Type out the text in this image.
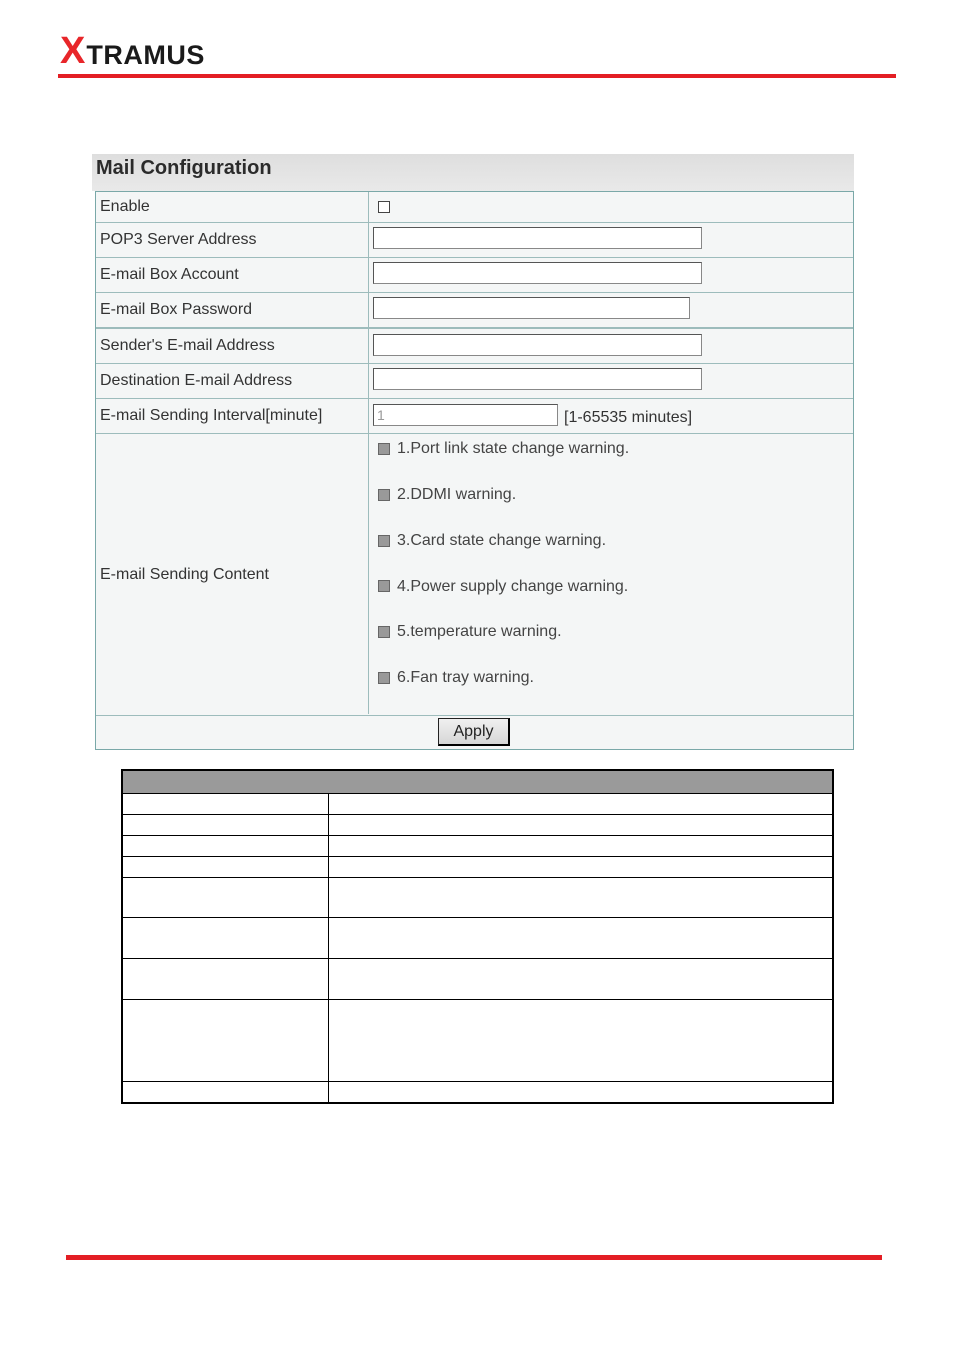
X TRAMUS
Mail Configuration
Enable
POP3 Server Address
E-mail Box Account
E-mail Box Password
Sender's E-mail Address
Destination E-mail Address
E-mail Sending Interval[minute]	1	[1-65535 minutes]
E-mail Sending Content
1.Port link state change warning.
2.DDMI warning.
3.Card state change warning.
4.Power supply change warning.
5.temperature warning.
6.Fan tray warning.
Apply
